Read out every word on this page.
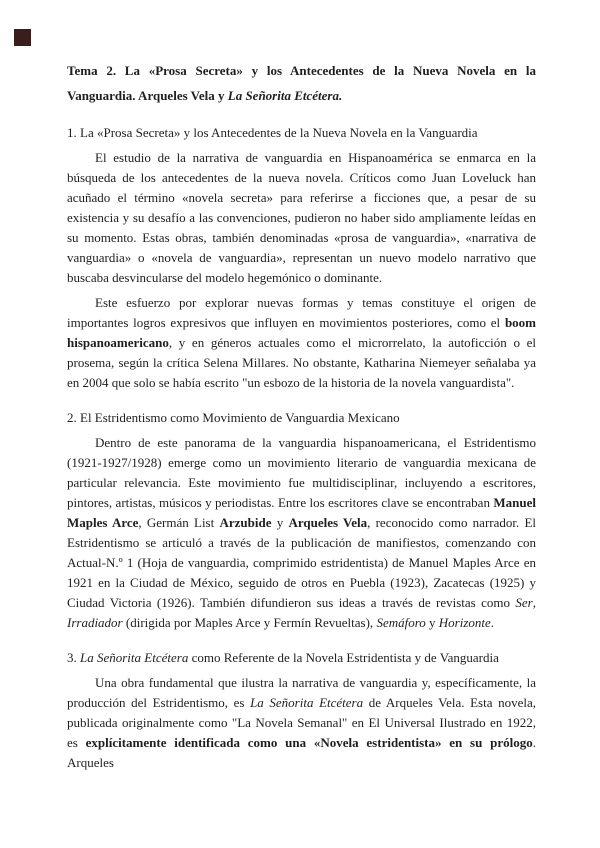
Tema 2. La «Prosa Secreta» y los Antecedentes de la Nueva Novela en la Vanguardia. Arqueles Vela y La Señorita Etcétera.

1. La «Prosa Secreta» y los Antecedentes de la Nueva Novela en la Vanguardia

El estudio de la narrativa de vanguardia en Hispanoamérica se enmarca en la búsqueda de los antecedentes de la nueva novela. Críticos como Juan Loveluck han acuñado el término «novela secreta» para referirse a ficciones que, a pesar de su existencia y su desafío a las convenciones, pudieron no haber sido ampliamente leídas en su momento. Estas obras, también denominadas «prosa de vanguardia», «narrativa de vanguardia» o «novela de vanguardia», representan un nuevo modelo narrativo que buscaba desvincularse del modelo hegemónico o dominante.

Este esfuerzo por explorar nuevas formas y temas constituye el origen de importantes logros expresivos que influyen en movimientos posteriores, como el boom hispanoamericano, y en géneros actuales como el microrrelato, la autoficción o el prosema, según la crítica Selena Millares. No obstante, Katharina Niemeyer señalaba ya en 2004 que solo se había escrito "un esbozo de la historia de la novela vanguardista".

2. El Estridentismo como Movimiento de Vanguardia Mexicano

Dentro de este panorama de la vanguardia hispanoamericana, el Estridentismo (1921-1927/1928) emerge como un movimiento literario de vanguardia mexicana de particular relevancia. Este movimiento fue multidisciplinar, incluyendo a escritores, pintores, artistas, músicos y periodistas. Entre los escritores clave se encontraban Manuel Maples Arce, Germán List Arzubide y Arqueles Vela, reconocido como narrador. El Estridentismo se articuló a través de la publicación de manifiestos, comenzando con Actual-N.º 1 (Hoja de vanguardia, comprimido estridentista) de Manuel Maples Arce en 1921 en la Ciudad de México, seguido de otros en Puebla (1923), Zacatecas (1925) y Ciudad Victoria (1926). También difundieron sus ideas a través de revistas como Ser, Irradiador (dirigida por Maples Arce y Fermín Revueltas), Semáforo y Horizonte.

3. La Señorita Etcétera como Referente de la Novela Estridentista y de Vanguardia

Una obra fundamental que ilustra la narrativa de vanguardia y, específicamente, la producción del Estridentismo, es La Señorita Etcétera de Arqueles Vela. Esta novela, publicada originalmente como "La Novela Semanal" en El Universal Ilustrado en 1922, es explícitamente identificada como una «Novela estridentista» en su prólogo. Arqueles
